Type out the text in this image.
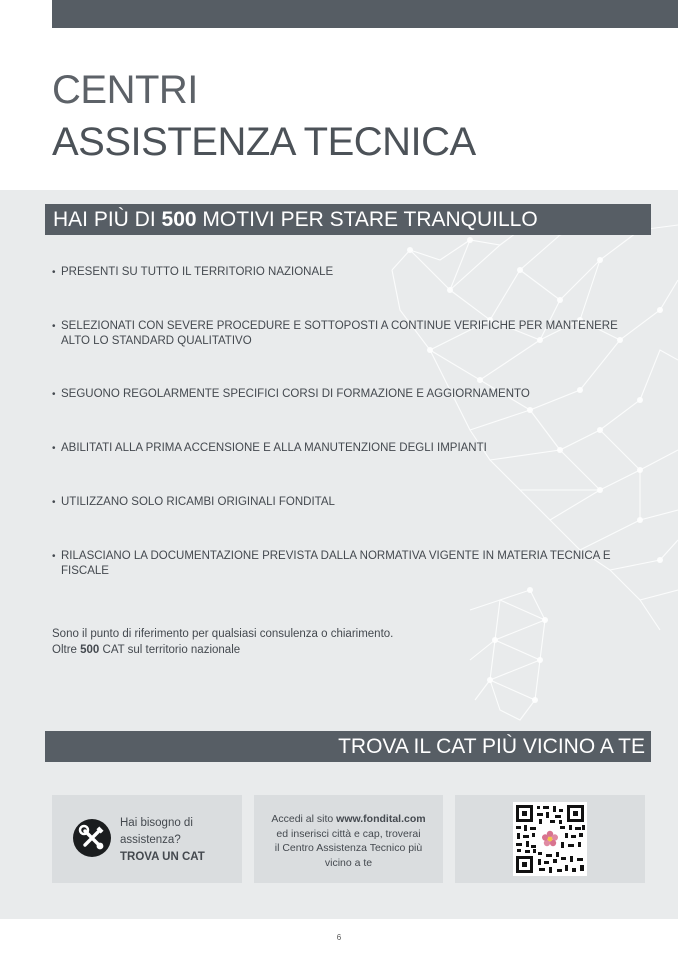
CENTRI
ASSISTENZA TECNICA
HAI PIÙ DI 500 MOTIVI PER STARE TRANQUILLO
• PRESENTI SU TUTTO IL TERRITORIO NAZIONALE
• SELEZIONATI CON SEVERE PROCEDURE E SOTTOPOSTI A CONTINUE VERIFICHE PER MANTENERE ALTO LO STANDARD QUALITATIVO
• SEGUONO REGOLARMENTE SPECIFICI CORSI DI FORMAZIONE E AGGIORNAMENTO
• ABILITATI ALLA PRIMA ACCENSIONE E ALLA MANUTENZIONE DEGLI IMPIANTI
• UTILIZZANO SOLO RICAMBI ORIGINALI FONDITAL
• RILASCIANO LA DOCUMENTAZIONE PREVISTA DALLA NORMATIVA VIGENTE IN MATERIA TECNICA E FISCALE
Sono il punto di riferimento per qualsiasi consulenza o chiarimento.
Oltre 500 CAT sul territorio nazionale
TROVA IL CAT PIÙ VICINO A TE
Hai bisogno di
assistenza?
TROVA UN CAT
Accedi al sito www.fondital.com
ed inserisci città e cap, troverai
il Centro Assistenza Tecnico più
vicino a te
6
